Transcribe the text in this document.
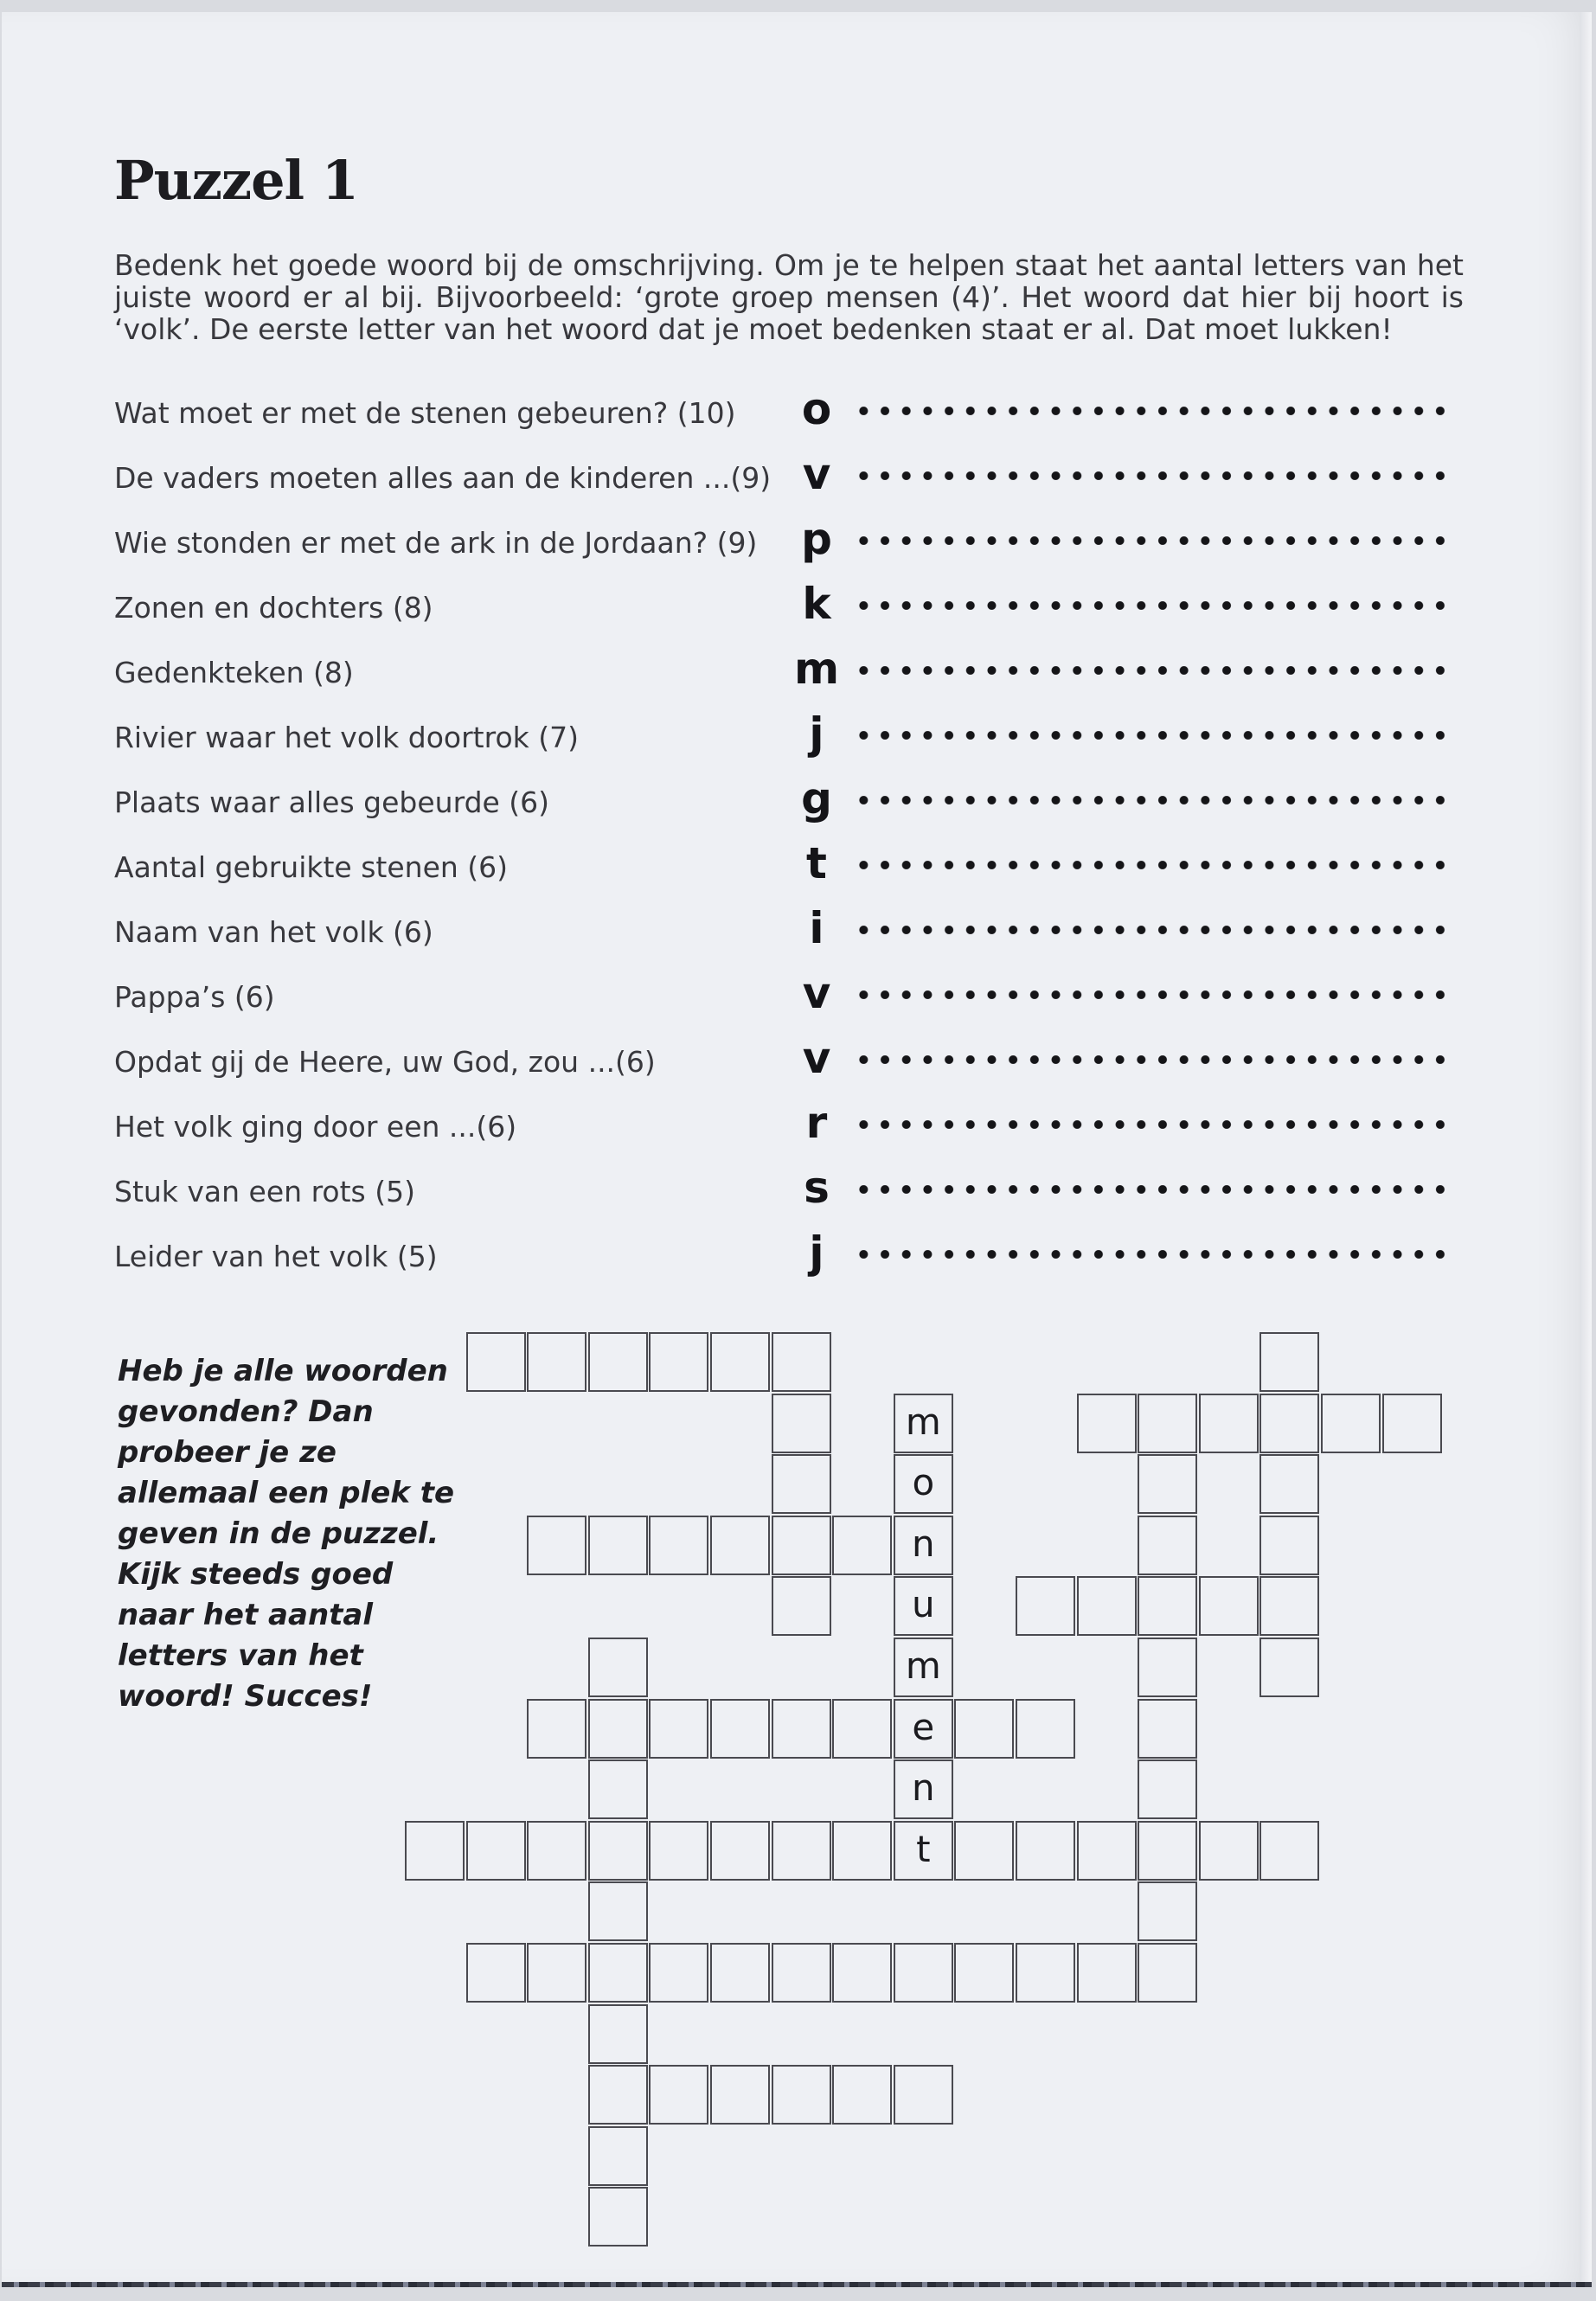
Puzzel 1
Bedenk het goede woord bij de omschrijving. Om je te helpen staat het aantal letters van het juiste woord er al bij. Bijvoorbeeld: ‘grote groep mensen (4)’. Het woord dat hier bij hoort is ‘volk’. De eerste letter van het woord dat je moet bedenken staat er al. Dat moet lukken!
Wat moet er met de stenen gebeuren? (10) o
De vaders moeten alles aan de kinderen ...(9) v
Wie stonden er met de ark in de Jordaan? (9) p
Zonen en dochters (8)	k
Gedenkteken (8)	m
Rivier waar het volk doortrok (7)	j
Plaats waar alles gebeurde (6)	g
Aantal gebruikte stenen (6)	t
Naam van het volk (6)	i
Pappa’s (6)	v
Opdat gij de Heere, uw God, zou ...(6)	v
Het volk ging door een ...(6)	r
Stuk van een rots (5)	s
Leider van het volk (5)	j
Heb je alle woorden gevonden? Dan probeer je ze allemaal een plek te geven in de puzzel. Kijk steeds goed naar het aantal letters van het woord! Succes!
m
o
n
u
m
e
n
t
